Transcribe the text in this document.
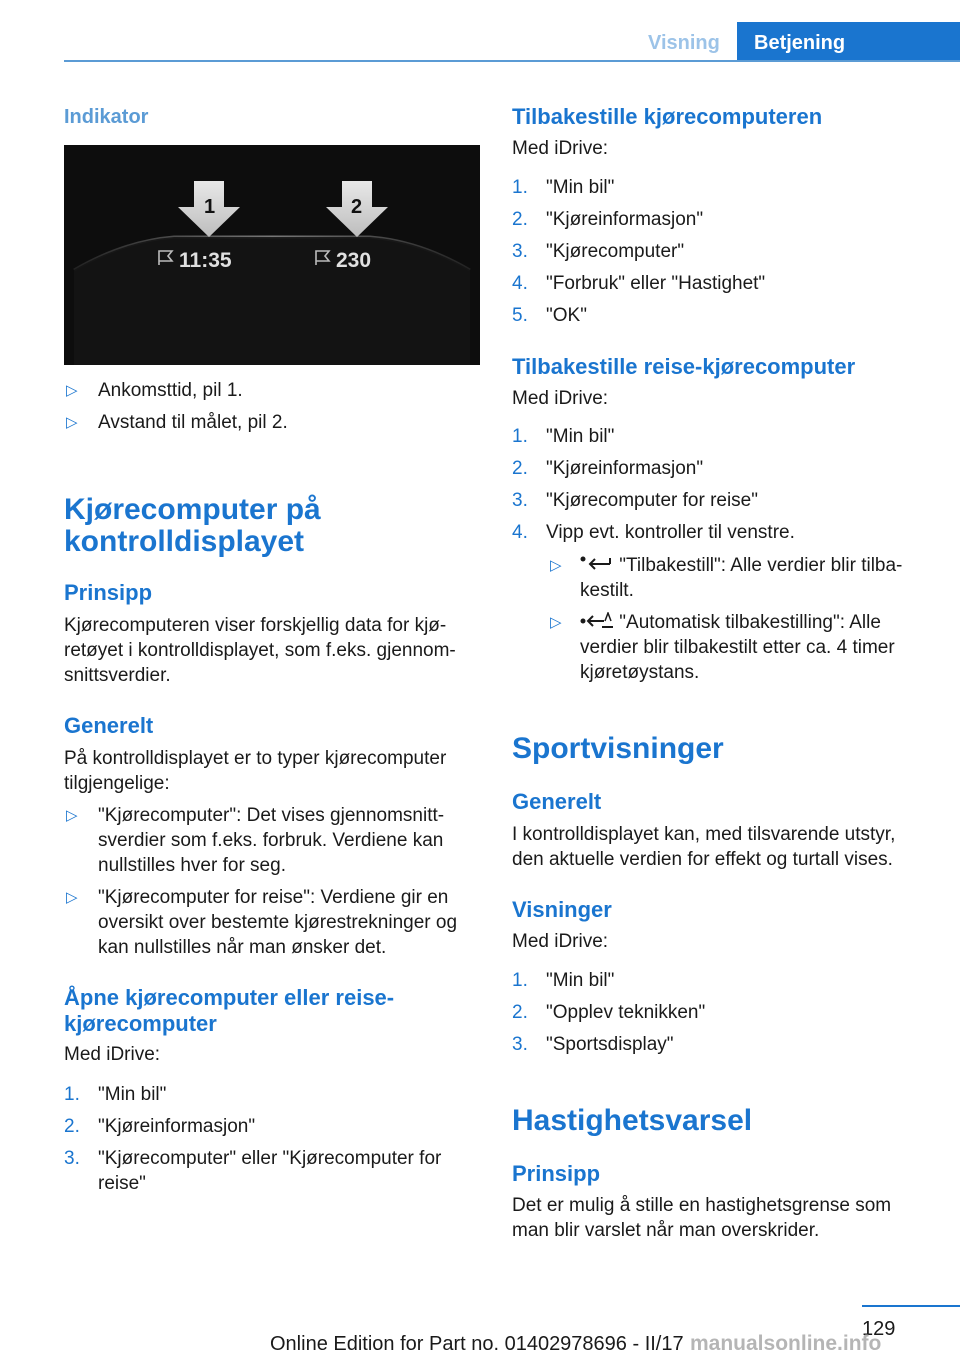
Visning	Betjening
Indikator
▷ Ankomsttid, pil 1.
▷ Avstand til målet, pil 2.
Kjørecomputer på
kontrolldisplayet
Prinsipp
Kjørecomputeren viser forskjellig data for kjø-
retøyet i kontrolldisplayet, som f.eks. gjennom-
snittsverdier.
Generelt
På kontrolldisplayet er to typer kjørecomputer
tilgjengelige:
▷ "Kjørecomputer": Det vises gjennomsnitt-
sverdier som f.eks. forbruk. Verdiene kan
nullstilles hver for seg.
▷ "Kjørecomputer for reise": Verdiene gir en
oversikt over bestemte kjørestrekninger og
kan nullstilles når man ønsker det.
Åpne kjørecomputer eller reise-
kjørecomputer
Med iDrive:
1. "Min bil"
2. "Kjøreinformasjon"
3. "Kjørecomputer" eller "Kjørecomputer for
reise"
1	2
11:35	230
Tilbakestille kjørecomputeren
Med iDrive:
1. "Min bil"
2. "Kjøreinformasjon"
3. "Kjørecomputer"
4. "Forbruk" eller "Hastighet"
5. "OK"
Tilbakestille reise-kjørecomputer
Med iDrive:
1. "Min bil"
2. "Kjøreinformasjon"
3. "Kjørecomputer for reise"
4. Vipp evt. kontroller til venstre.
▷	"Tilbakestill": Alle verdier blir tilba-
kestilt.
▷	"Automatisk tilbakestilling": Alle
verdier blir tilbakestilt etter ca. 4 timer
kjøretøystans.
Sportvisninger
Generelt
I kontrolldisplayet kan, med tilsvarende utstyr,
den aktuelle verdien for effekt og turtall vises.
Visninger
Med iDrive:
1. "Min bil"
2. "Opplev teknikken"
3. "Sportsdisplay"
Hastighetsvarsel
Prinsipp
Det er mulig å stille en hastighetsgrense som
man blir varslet når man overskrider.
129
Online Edition for Part no. 01402978696 - II/17 manualsonline.info
